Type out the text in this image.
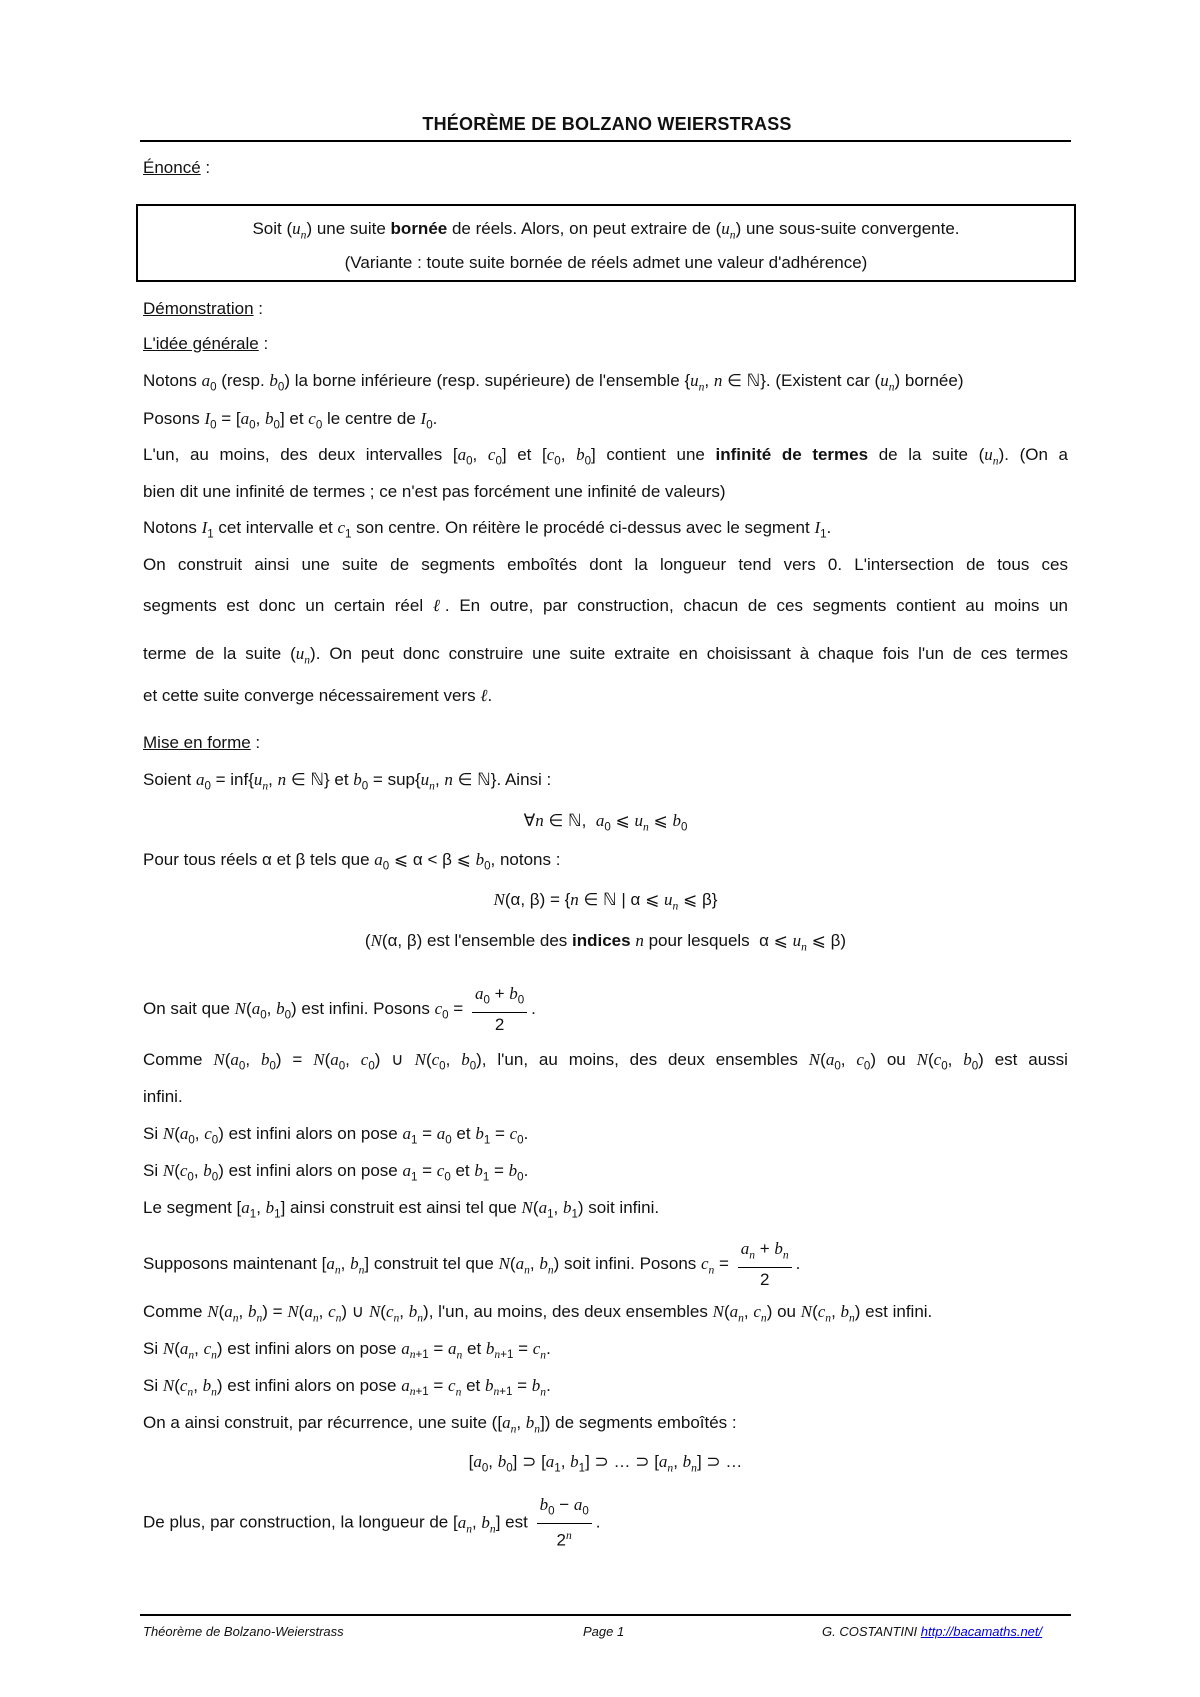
THÉORÈME DE BOLZANO WEIERSTRASS
Énoncé :
Soit $(u_n)$ une suite bornée de réels. Alors, on peut extraire de $(u_n)$ une sous-suite convergente.
(Variante : toute suite bornée de réels admet une valeur d'adhérence)
Démonstration :
L'idée générale :
Notons $a_0$ (resp. $b_0$) la borne inférieure (resp. supérieure) de l'ensemble {$u_n$, n ∈ ℕ}. (Existent car $(u_n)$ bornée)
Posons $I_0 = [a_0$, $b_0$] et $c_0$ le centre de $I_0$.
L'un, au moins, des deux intervalles [$a_0$, $c_0$] et [$c_0$, $b_0$] contient une infinité de termes de la suite $(u_n)$. (On a
bien dit une infinité de termes ; ce n'est pas forcément une infinité de valeurs)
Notons $I_1$ cet intervalle et $c_1$ son centre. On réitère le procédé ci-dessus avec le segment $I_1$.
On construit ainsi une suite de segments emboîtés dont la longueur tend vers 0. L'intersection de tous ces
segments est donc un certain réel ℓ. En outre, par construction, chacun de ces segments contient au moins un
terme de la suite $(u_n)$. On peut donc construire une suite extraite en choisissant à chaque fois l'un de ces termes
et cette suite converge nécessairement vers ℓ.
Mise en forme :
Soient $a_0 = inf\{u_n$, n ∈ ℕ} et $b_0 = sup\{u_n$, n ∈ ℕ}. Ainsi :
∀n ∈ ℕ,  $a_0$ ⩽ $u_n$ ⩽ $b_0$
Pour tous réels α et β tels que $a_0$ ⩽ α < β ⩽ $b_0$, notons :
N(α, β) = {n ∈ ℕ | α ⩽ $u_n$ ⩽ β}
(N(α, β) est l'ensemble des indices n pour lesquels  α ⩽ $u_n$ ⩽ β)
On sait que $N(a_0$, $b_0$) est infini. Posons $c_0 = \frac{a_0 + b_0}{2}$ .
Comme $N(a_0$, $b_0) = N(a_0$, $c_0$) ∪ $N(c_0$, $b_0$), l'un, au moins, des deux ensembles $N(a_0$, $c_0$) ou $N(c_0$, $b_0$) est aussi
infini.
Si $N(a_0$, $c_0$) est infini alors on pose $a_1 = a_0$ et $b_1 = c_0$.
Si $N(c_0$, $b_0$) est infini alors on pose $a_1 = c_0$ et $b_1 = b_0$.
Le segment [$a_1$, $b_1$] ainsi construit est ainsi tel que $N(a_1$, $b_1$) soit infini.
Supposons maintenant [$a_n$, $b_n$] construit tel que $N(a_n$, $b_n$) soit infini. Posons $c_n = \frac{a_n + b_n}{2}$ .
Comme $N(a_n$, $b_n) = N(a_n$, $c_n$) ∪ $N(c_n$, $b_n$), l'un, au moins, des deux ensembles $N(a_n$, $c_n$) ou $N(c_n$, $b_n$) est infini.
Si $N(a_n$, $c_n$) est infini alors on pose $a_{n+1} = a_n$ et $b_{n+1} = c_n$.
Si $N(c_n$, $b_n$) est infini alors on pose $a_{n+1} = c_n$ et $b_{n+1} = b_n$.
On a ainsi construit, par récurrence, une suite ([$a_n$, $b_n$]) de segments emboîtés :
[$a_0$, $b_0$] ⊃ [$a_1$, $b_1$] ⊃ … ⊃ [$a_n$, $b_n$] ⊃ …
De plus, par construction, la longueur de [$a_n$, $b_n$] est $\frac{b_0 - a_0}{2^n}$ .
Théorème de Bolzano-Weierstrass	Page 1	G. COSTANTINI http://bacamaths.net/
